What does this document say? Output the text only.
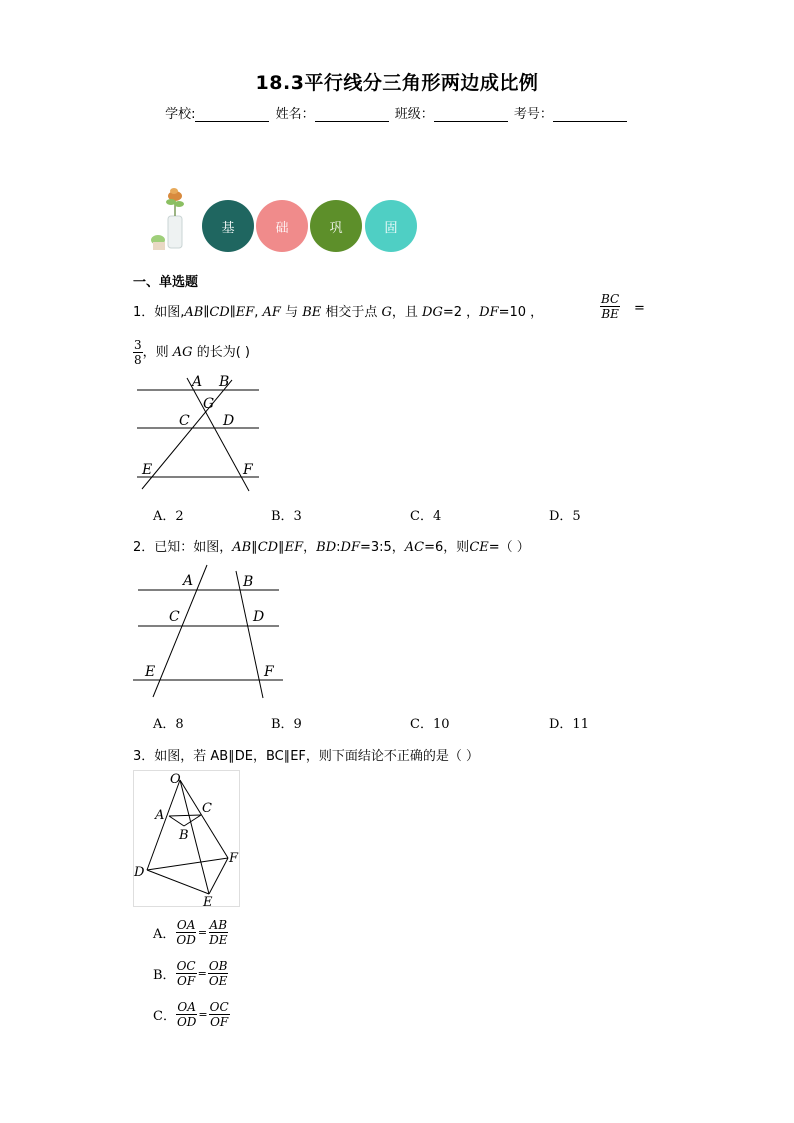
18.3平行线分三角形两边成比例
学校:	姓名：	班级：	考号：
基	础	巩	固
一、单选题
1．如图,AB∥CD∥EF, AF 与 BE 相交于点 G，且 DG=2 ，DF=10 ，	$\frac{BC}{BE}$ =
$\frac{3}{8}$ ，则 AG 的长为( )
A B
G
C D
E	F
A．2	B．3	C．4	D．5
2．已知：如图，AB∥CD∥EF，BD:DF=3:5，AC=6，则CE=（ ）
A	B
C	D
E	F
A．8	B．9	C．10	D．11
3．如图，若 AB∥DE，BC∥EF，则下面结论不正确的是（ ）
O
A
B
C
D
E
F
A． $\frac{OA}{OD} = \frac{AB}{DE}$
B． $\frac{OC}{OF} = \frac{OB}{OE}$
C． $\frac{OA}{OD} = \frac{OC}{OF}$
